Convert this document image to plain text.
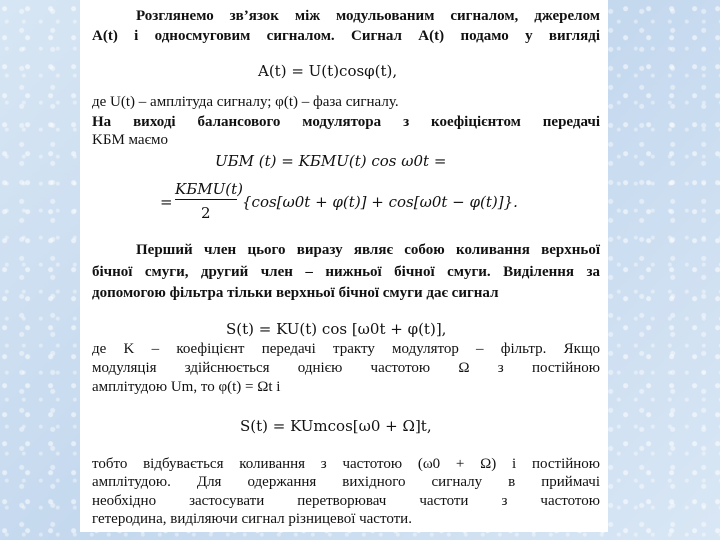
Розглянемо зв’язок між модульованим сигналом, джерелом
A(t) і односмуговим сигналом. Сигнал A(t) подамо у вигляді
A(t) = U(t)cosφ(t),
де U(t) – амплітуда сигналу; φ(t) – фаза сигналу.
На виході балансового модулятора з коефіцієнтом передачі
KБМ маємо
UБМ (t) = KБМU(t) cos ω0t =
=
KБМU(t)
2
{cos[ω0t + φ(t)] + cos[ω0t − φ(t)]}.
Перший член цього виразу являє собою коливання верхньої
бічної смуги, другий член – нижньої бічної смуги. Виділення за
допомогою фільтра тільки верхньої бічної смуги дає сигнал
S(t) = KU(t) cos [ω0t + φ(t)],
де K – коефіцієнт передачі тракту модулятор – фільтр. Якщо
модуляція здійснюється однією частотою Ω з постійною
амплітудою Um, то φ(t) = Ωt і
S(t) = KUmcos[ω0 + Ω]t,
тобто відбувається коливання з частотою (ω0 + Ω) і постійною
амплітудою. Для одержання вихідного сигналу в приймачі
необхідно застосувати перетворювач частоти з частотою
гетеродина, виділяючи сигнал різницевої частоти.
